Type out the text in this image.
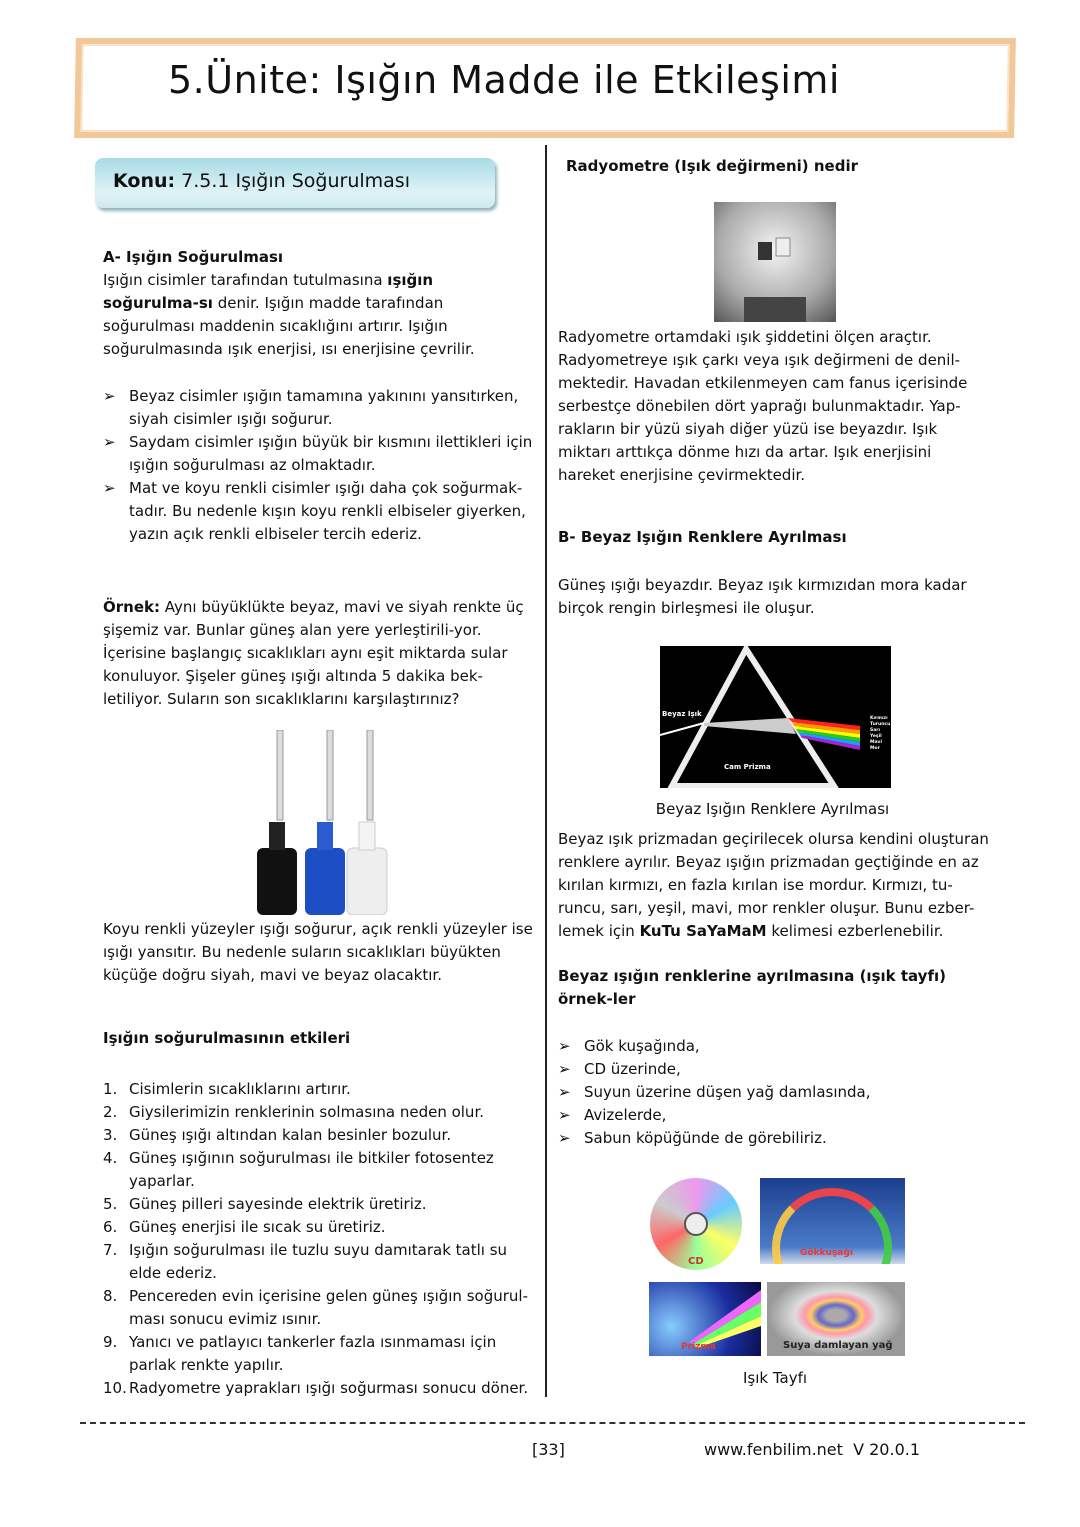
5.Ünite: Işığın Madde ile Etkileşimi
Konu: 7.5.1 Işığın Soğurulması
A- Işığın Soğurulması
Işığın cisimler tarafından tutulmasına ışığın soğurulma-sı denir. Işığın madde tarafından soğurulması maddenin sıcaklığını artırır. Işığın soğurulmasında ışık enerjisi, ısı enerjisine çevrilir.
➢ Beyaz cisimler ışığın tamamına yakınını yansıtırken, siyah cisimler ışığı soğurur.
➢ Saydam cisimler ışığın büyük bir kısmını ilettikleri için ışığın soğurulması az olmaktadır.
➢ Mat ve koyu renkli cisimler ışığı daha çok soğurmak-tadır. Bu nedenle kışın koyu renkli elbiseler giyerken, yazın açık renkli elbiseler tercih ederiz.
Örnek: Aynı büyüklükte beyaz, mavi ve siyah renkte üç şişemiz var. Bunlar güneş alan yere yerleştirili-yor. İçerisine başlangıç sıcaklıkları aynı eşit miktarda sular konuluyor. Şişeler güneş ışığı altında 5 dakika bek-letiliyor. Suların son sıcaklıklarını karşılaştırınız?
Koyu renkli yüzeyler ışığı soğurur, açık renkli yüzeyler ise ışığı yansıtır. Bu nedenle suların sıcaklıkları büyükten küçüğe doğru siyah, mavi ve beyaz olacaktır.
Işığın soğurulmasının etkileri
1. Cisimlerin sıcaklıklarını artırır.
2. Giysilerimizin renklerinin solmasına neden olur.
3. Güneş ışığı altından kalan besinler bozulur.
4. Güneş ışığının soğurulması ile bitkiler fotosentez yaparlar.
5. Güneş pilleri sayesinde elektrik üretiriz.
6. Güneş enerjisi ile sıcak su üretiriz.
7. Işığın soğurulması ile tuzlu suyu damıtarak tatlı su elde ederiz.
8. Pencereden evin içerisine gelen güneş ışığın soğurul-ması sonucu evimiz ısınır.
9. Yanıcı ve patlayıcı tankerler fazla ısınmaması için parlak renkte yapılır.
10. Radyometre yaprakları ışığı soğurması sonucu döner.
Radyometre (Işık değirmeni) nedir
Radyometre ortamdaki ışık şiddetini ölçen araçtır. Radyometreye ışık çarkı veya ışık değirmeni de denil-mektedir. Havadan etkilenmeyen cam fanus içerisinde serbestçe dönebilen dört yaprağı bulunmaktadır. Yap-rakların bir yüzü siyah diğer yüzü ise beyazdır. Işık miktarı arttıkça dönme hızı da artar. Işık enerjisini hareket enerjisine çevirmektedir.
B- Beyaz Işığın Renklere Ayrılması
Güneş ışığı beyazdır. Beyaz ışık kırmızıdan mora kadar birçok rengin birleşmesi ile oluşur.
Beyaz Işık
Cam Prizma
Kırmızı
Turuncu
Sarı
Yeşil
Mavi
Mor
Beyaz Işığın Renklere Ayrılması
Beyaz ışık prizmadan geçirilecek olursa kendini oluşturan renklere ayrılır. Beyaz ışığın prizmadan geçtiğinde en az kırılan kırmızı, en fazla kırılan ise mordur. Kırmızı, tu-runcu, sarı, yeşil, mavi, mor renkler oluşur. Bunu ezber-lemek için KuTu SaYaMaM kelimesi ezberlenebilir.
Beyaz ışığın renklerine ayrılmasına (ışık tayfı) örnek-ler
➢ Gök kuşağında,
➢ CD üzerinde,
➢ Suyun üzerine düşen yağ damlasında,
➢ Avizelerde,
➢ Sabun köpüğünde de görebiliriz.
CD
Gökkuşağı
Prizma	Suya damlayan yağ
Işık Tayfı
[33]	www.fenbilim.net  V 20.0.1
